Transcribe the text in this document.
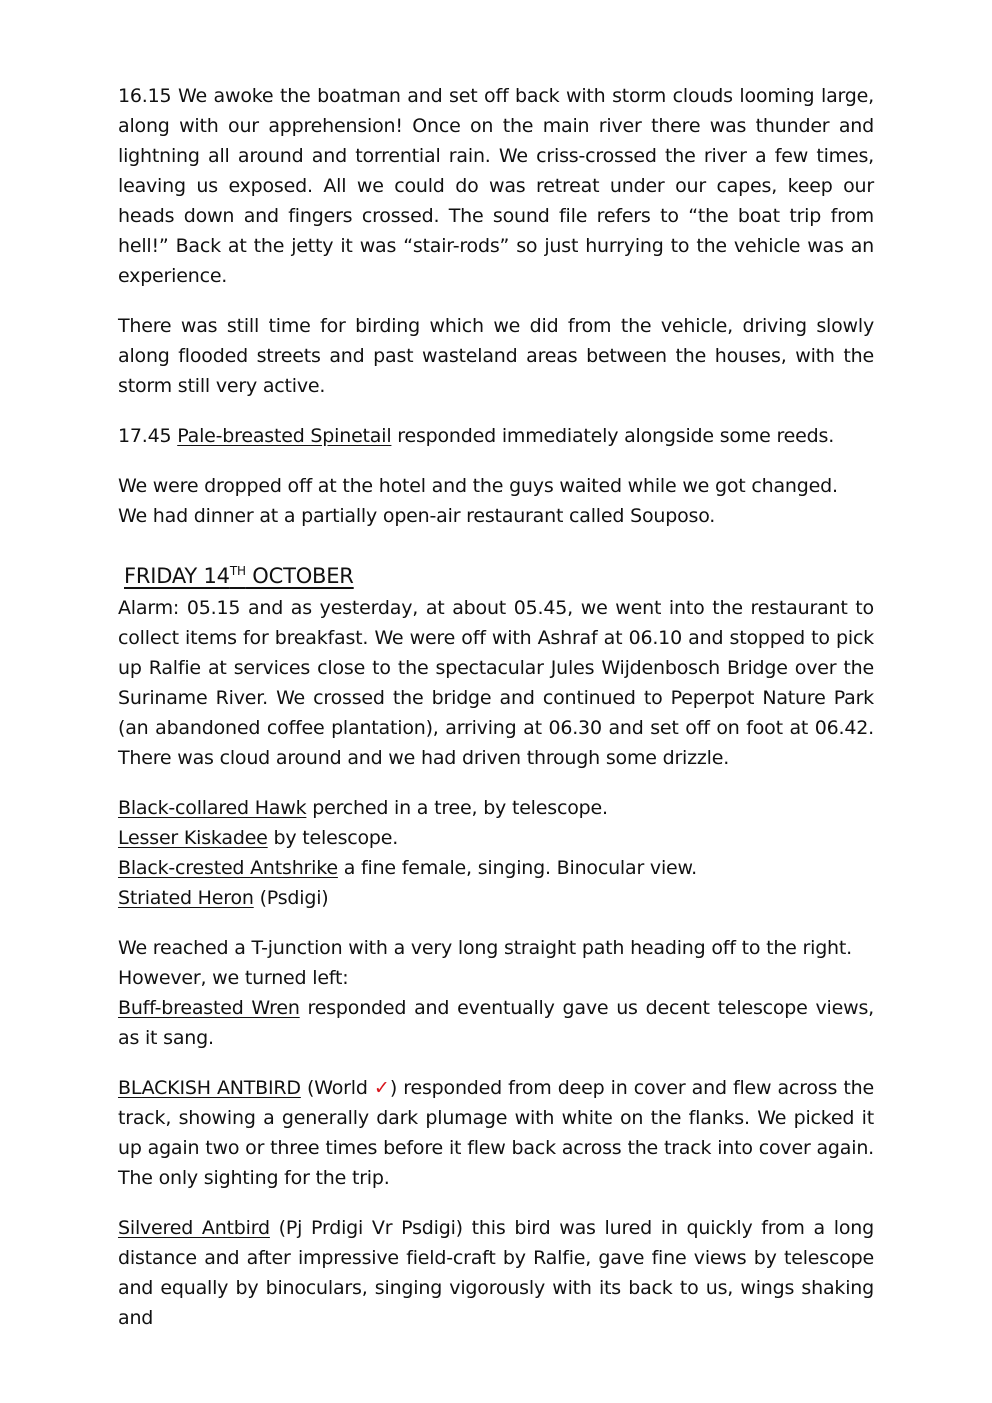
16.15 We awoke the boatman and set off back with storm clouds looming large, along with our apprehension! Once on the main river there was thunder and lightning all around and torrential rain. We criss-crossed the river a few times, leaving us exposed. All we could do was retreat under our capes, keep our heads down and fingers crossed. The sound file refers to “the boat trip from hell!” Back at the jetty it was “stair-rods” so just hurrying to the vehicle was an experience.

There was still time for birding which we did from the vehicle, driving slowly along flooded streets and past wasteland areas between the houses, with the storm still very active.

17.45 Pale-breasted Spinetail responded immediately alongside some reeds.

We were dropped off at the hotel and the guys waited while we got changed.
We had dinner at a partially open-air restaurant called Souposo.

FRIDAY 14TH OCTOBER

Alarm: 05.15 and as yesterday, at about 05.45, we went into the restaurant to collect items for breakfast. We were off with Ashraf at 06.10 and stopped to pick up Ralfie at services close to the spectacular Jules Wijdenbosch Bridge over the Suriname River. We crossed the bridge and continued to Peperpot Nature Park (an abandoned coffee plantation), arriving at 06.30 and set off on foot at 06.42. There was cloud around and we had driven through some drizzle.

Black-collared Hawk perched in a tree, by telescope.
Lesser Kiskadee by telescope.
Black-crested Antshrike a fine female, singing. Binocular view.
Striated Heron (Psdigi)

We reached a T-junction with a very long straight path heading off to the right.
However, we turned left:
Buff-breasted Wren responded and eventually gave us decent telescope views, as it sang.

BLACKISH ANTBIRD (World ✓) responded from deep in cover and flew across the track, showing a generally dark plumage with white on the flanks. We picked it up again two or three times before it flew back across the track into cover again. The only sighting for the trip.

Silvered Antbird (Pj Prdigi Vr Psdigi) this bird was lured in quickly from a long distance and after impressive field-craft by Ralfie, gave fine views by telescope and equally by binoculars, singing vigorously with its back to us, wings shaking and
